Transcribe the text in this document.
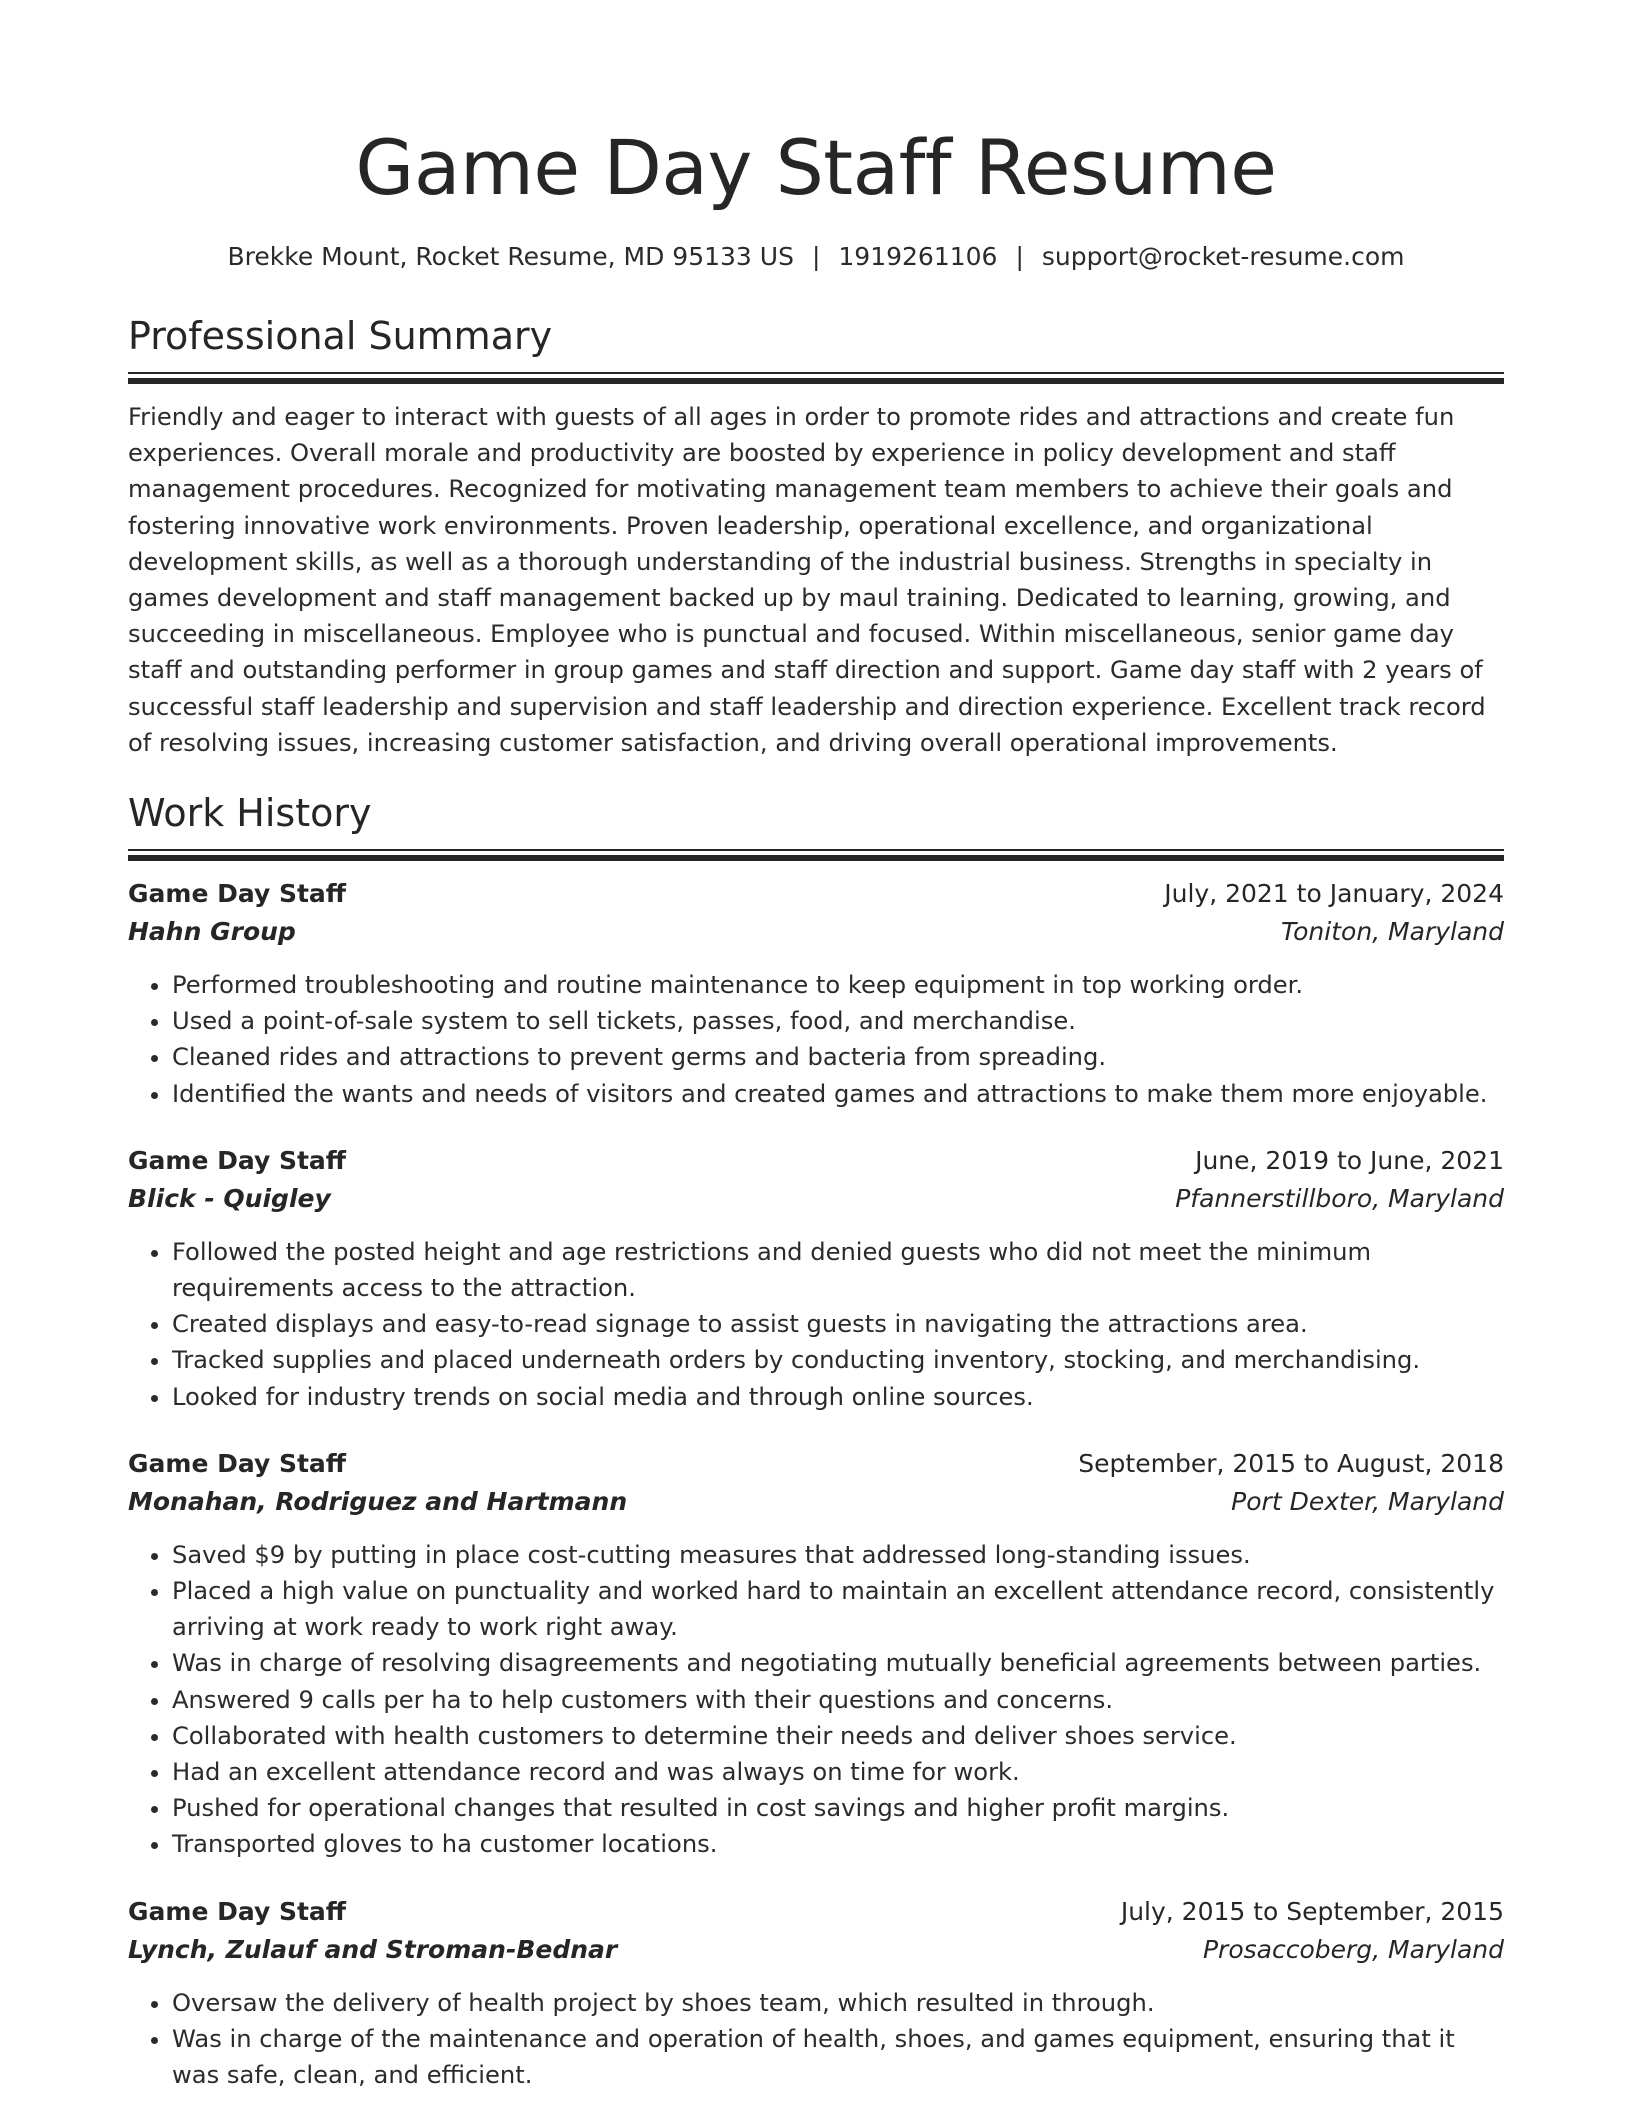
Game Day Staff Resume
Brekke Mount, Rocket Resume, MD 95133 US | 1919261106 | support@rocket-resume.com
Professional Summary

Friendly and eager to interact with guests of all ages in order to promote rides and attractions and create fun experiences. Overall morale and productivity are boosted by experience in policy development and staff management procedures. Recognized for motivating management team members to achieve their goals and fostering innovative work environments. Proven leadership, operational excellence, and organizational development skills, as well as a thorough understanding of the industrial business. Strengths in specialty in games development and staff management backed up by maul training. Dedicated to learning, growing, and succeeding in miscellaneous. Employee who is punctual and focused. Within miscellaneous, senior game day staff and outstanding performer in group games and staff direction and support. Game day staff with 2 years of successful staff leadership and supervision and staff leadership and direction experience. Excellent track record of resolving issues, increasing customer satisfaction, and driving overall operational improvements.

Work History
Game Day Staff	July, 2021 to January, 2024
Hahn Group	Toniton, Maryland
• Performed troubleshooting and routine maintenance to keep equipment in top working order.
• Used a point-of-sale system to sell tickets, passes, food, and merchandise.
• Cleaned rides and attractions to prevent germs and bacteria from spreading.
• Identified the wants and needs of visitors and created games and attractions to make them more enjoyable.
Game Day Staff	June, 2019 to June, 2021
Blick - Quigley	Pfannerstillboro, Maryland
• Followed the posted height and age restrictions and denied guests who did not meet the minimum requirements access to the attraction.
• Created displays and easy-to-read signage to assist guests in navigating the attractions area.
• Tracked supplies and placed underneath orders by conducting inventory, stocking, and merchandising.
• Looked for industry trends on social media and through online sources.
Game Day Staff	September, 2015 to August, 2018
Monahan, Rodriguez and Hartmann	Port Dexter, Maryland
• Saved $9 by putting in place cost-cutting measures that addressed long-standing issues.
• Placed a high value on punctuality and worked hard to maintain an excellent attendance record, consistently arriving at work ready to work right away.
• Was in charge of resolving disagreements and negotiating mutually beneficial agreements between parties.
• Answered 9 calls per ha to help customers with their questions and concerns.
• Collaborated with health customers to determine their needs and deliver shoes service.
• Had an excellent attendance record and was always on time for work.
• Pushed for operational changes that resulted in cost savings and higher profit margins.
• Transported gloves to ha customer locations.
Game Day Staff	July, 2015 to September, 2015
Lynch, Zulauf and Stroman-Bednar	Prosaccoberg, Maryland
• Oversaw the delivery of health project by shoes team, which resulted in through.
• Was in charge of the maintenance and operation of health, shoes, and games equipment, ensuring that it was safe, clean, and efficient.
